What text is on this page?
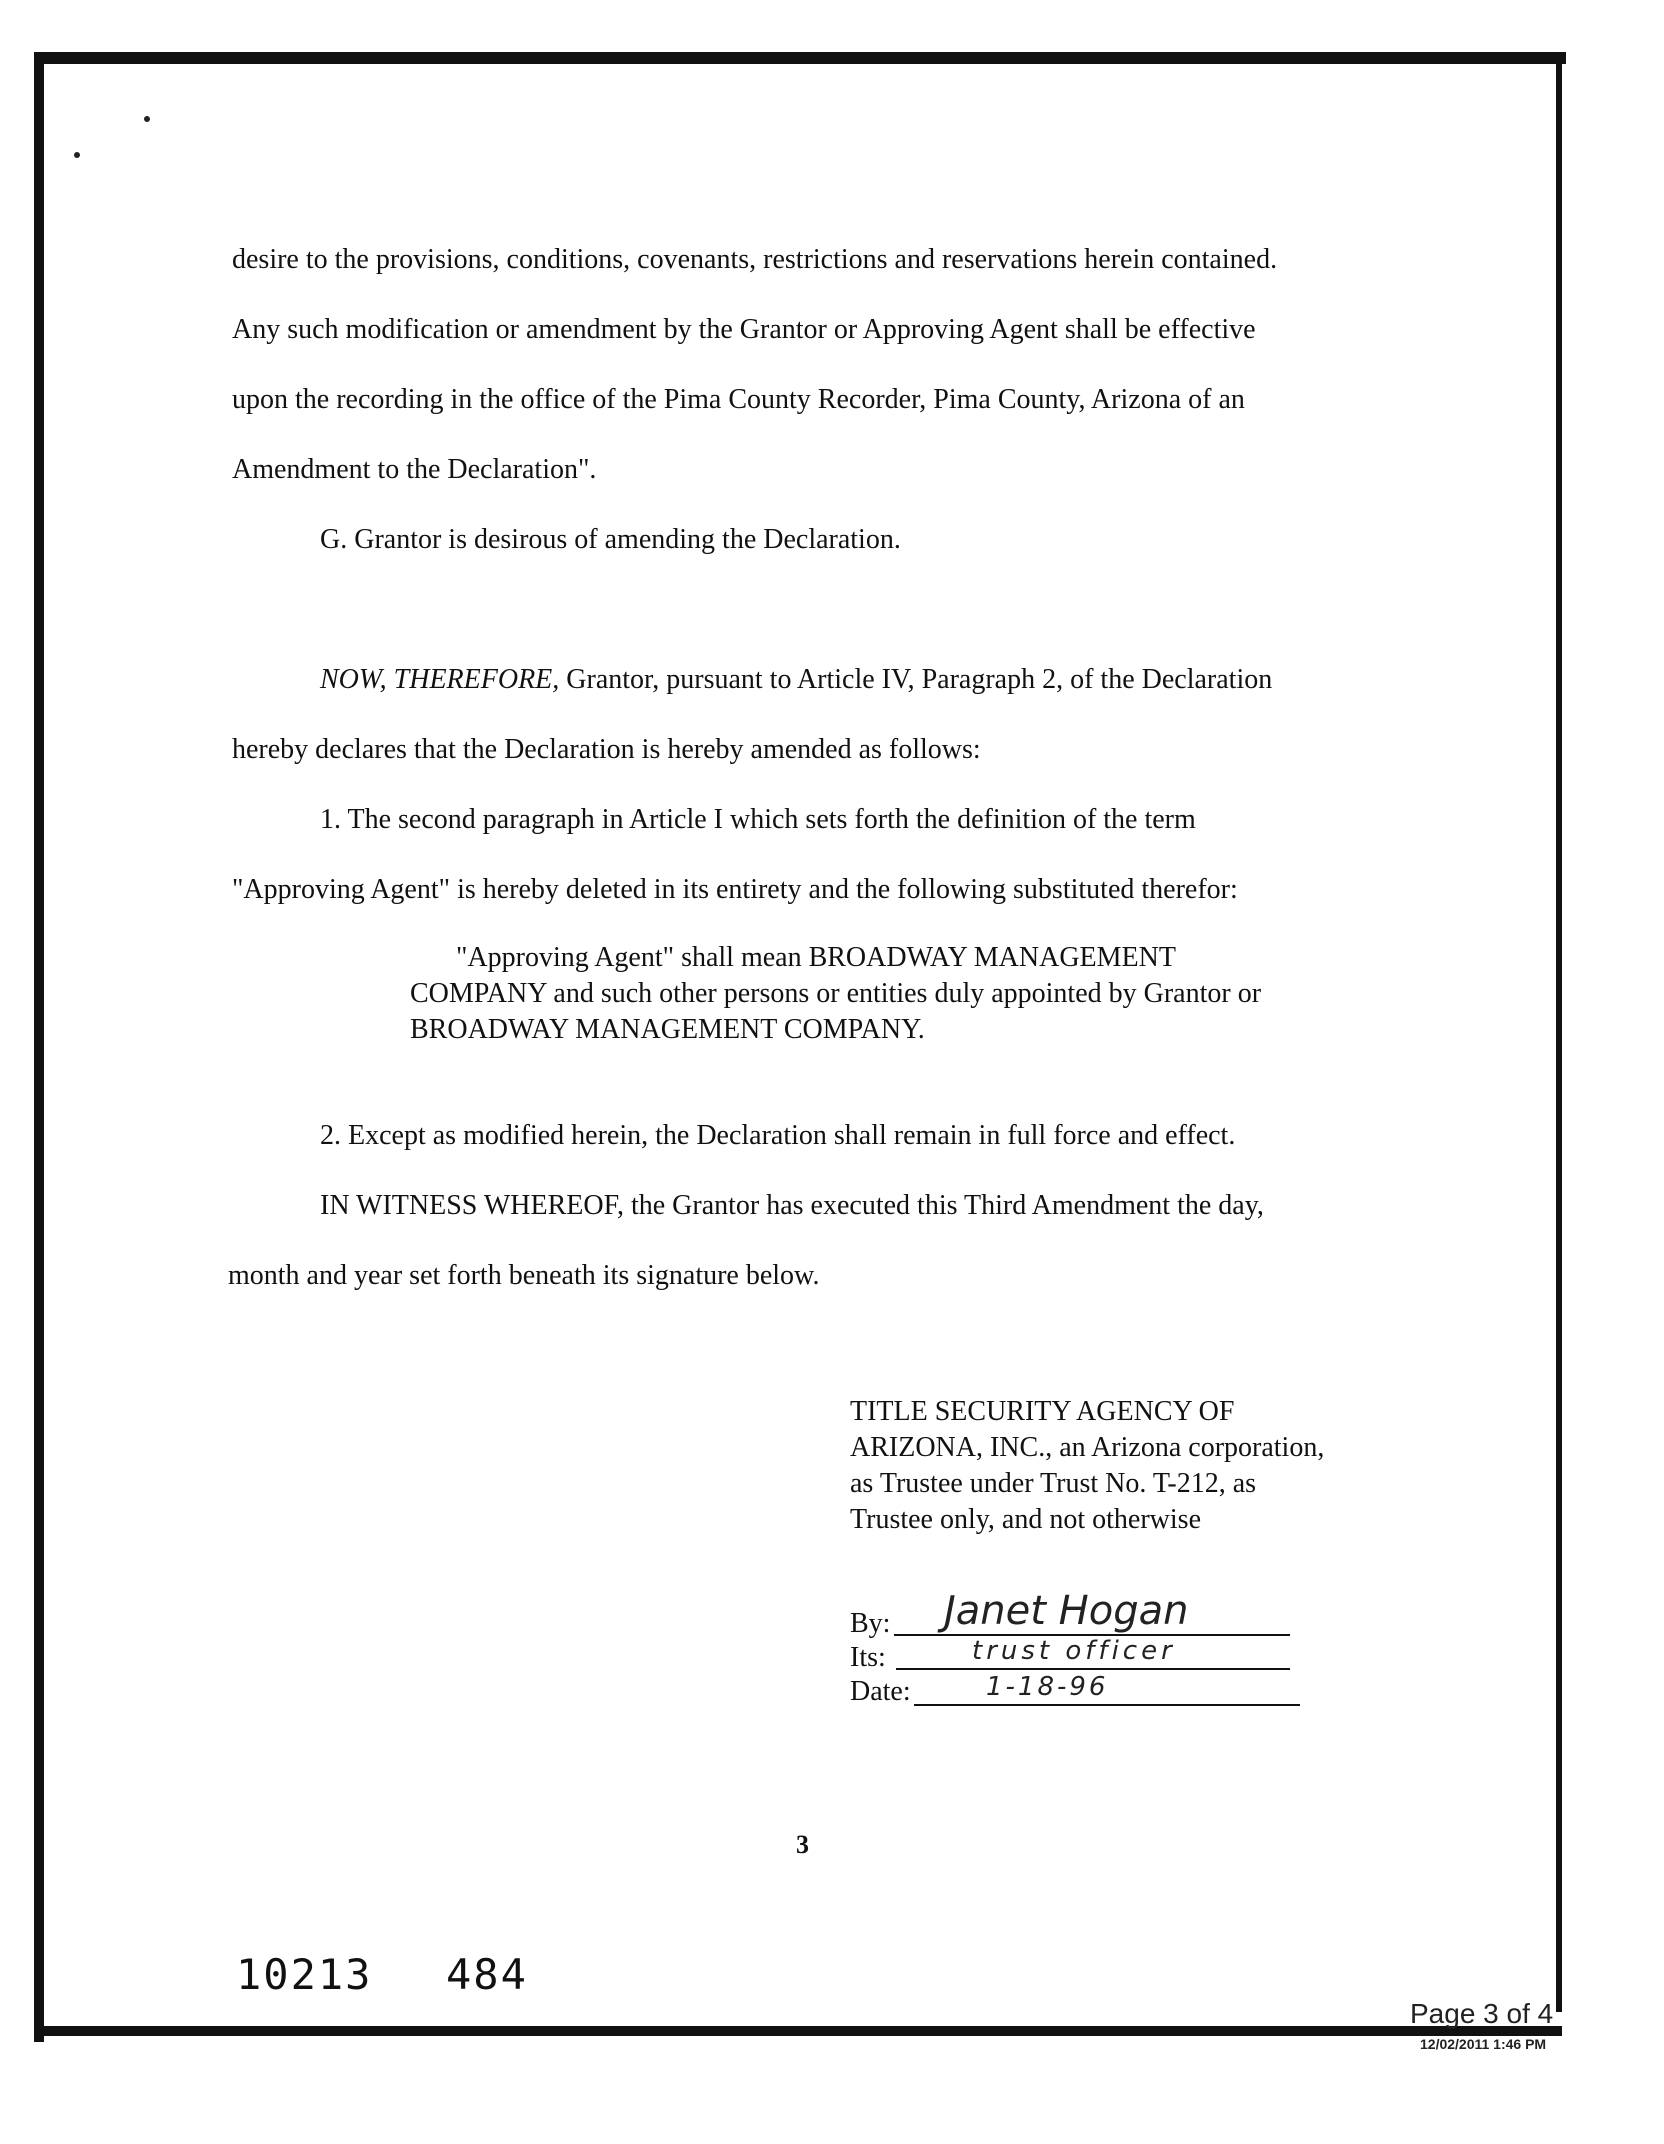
desire to the provisions, conditions, covenants, restrictions and reservations herein contained.
Any such modification or amendment by the Grantor or Approving Agent shall be effective
upon the recording in the office of the Pima County Recorder, Pima County, Arizona of an
Amendment to the Declaration".
G. Grantor is desirous of amending the Declaration.
NOW, THEREFORE, Grantor, pursuant to Article IV, Paragraph 2, of the Declaration
hereby declares that the Declaration is hereby amended as follows:
1. The second paragraph in Article I which sets forth the definition of the term
"Approving Agent" is hereby deleted in its entirety and the following substituted therefor:
"Approving Agent" shall mean BROADWAY MANAGEMENT
COMPANY and such other persons or entities duly appointed by Grantor or
BROADWAY MANAGEMENT COMPANY.
2. Except as modified herein, the Declaration shall remain in full force and effect.
IN WITNESS WHEREOF, the Grantor has executed this Third Amendment the day,
month and year set forth beneath its signature below.
TITLE SECURITY AGENCY OF
ARIZONA, INC., an Arizona corporation,
as Trustee under Trust No. T-212, as
Trustee only, and not otherwise
By: Janet Hogan
Its:	trust officer
Date:	1-18-96
3
10213 484
Page 3 of 4
12/02/2011 1:46 PM
